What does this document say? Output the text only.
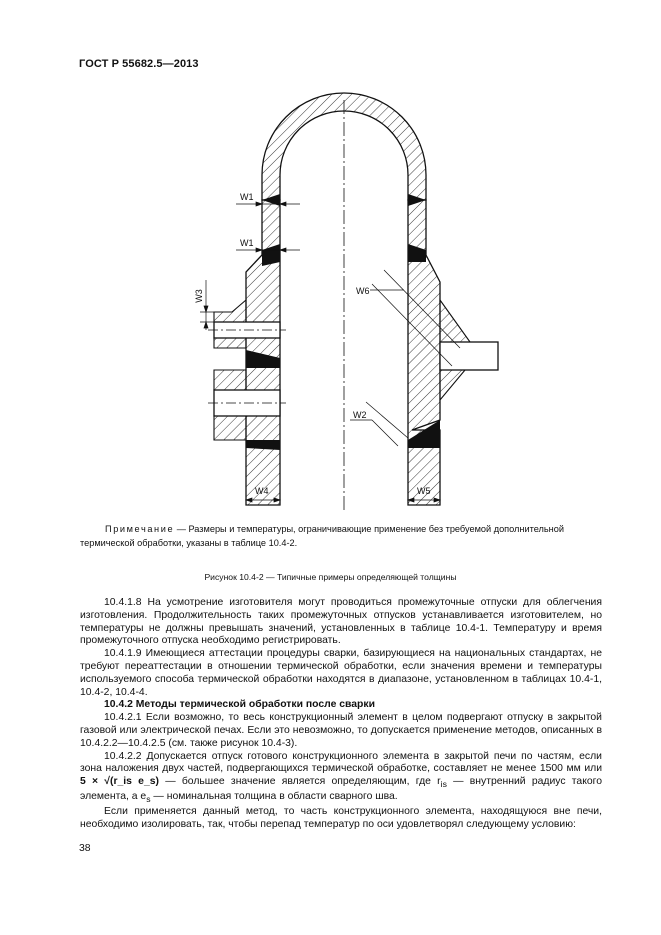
ГОСТ Р 55682.5—2013
W1
W1
W3	W6
W2
W4	W5
Примечание — Размеры и температуры, ограничивающие применение без требуемой дополнительной
термической обработки, указаны в таблице 10.4-2.
Рисунок 10.4-2 — Типичные примеры определяющей толщины

10.4.1.8 На усмотрение изготовителя могут проводиться промежуточные отпуски для облегчения изготовления. Продолжительность таких промежуточных отпусков устанавливается изготовителем, но температуры не должны превышать значений, установленных в таблице 10.4-1. Температуру и время промежуточного отпуска необходимо регистрировать.

10.4.1.9 Имеющиеся аттестации процедуры сварки, базирующиеся на национальных стандартах, не требуют переаттестации в отношении термической обработки, если значения времени и температуры используемого способа термической обработки находятся в диапазоне, установленном в таблицах 10.4-1, 10.4-2, 10.4-4.

10.4.2 Методы термической обработки после сварки

10.4.2.1 Если возможно, то весь конструкционный элемент в целом подвергают отпуску в закрытой газовой или электрической печах. Если это невозможно, то допускается применение методов, описанных в 10.4.2.2—10.4.2.5 (см. также рисунок 10.4-3).

10.4.2.2 Допускается отпуск готового конструкционного элемента в закрытой печи по частям, если зона наложения двух частей, подвергающихся термической обработке, составляет не менее 1500 мм или 5 × √(r_is e_s) — большее значение является определяющим, где $r_{is}$ — внутренний радиус такого элемента, а $e_s$ — номинальная толщина в области сварного шва.

Если применяется данный метод, то часть конструкционного элемента, находящуюся вне печи, необходимо изолировать, так, чтобы перепад температур по оси удовлетворял следующему условию:

38
